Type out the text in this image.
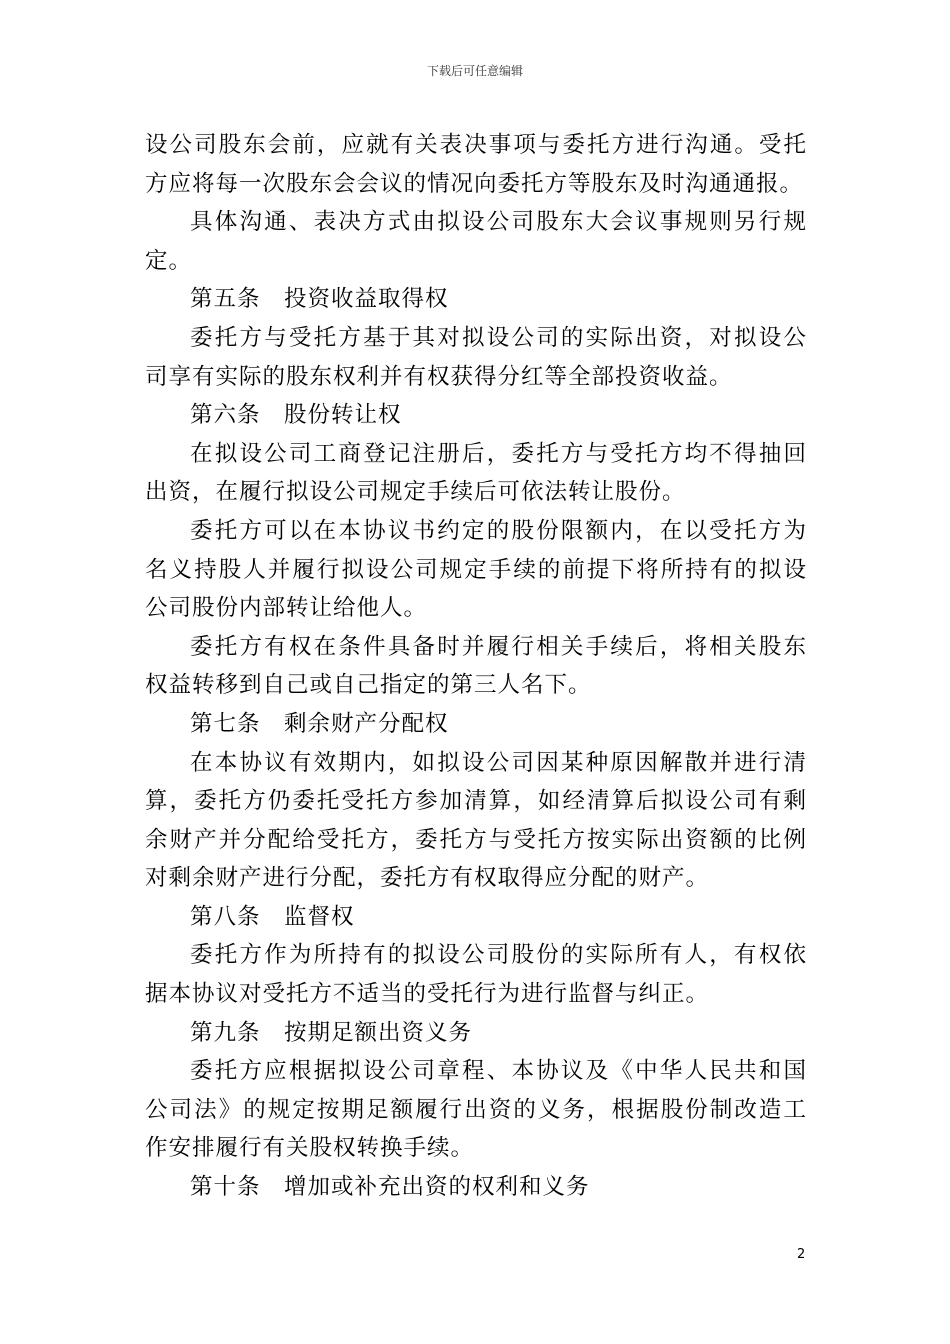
下载后可任意编辑
设公司股东会前，应就有关表决事项与委托方进行沟通。受托
方应将每一次股东会会议的情况向委托方等股东及时沟通通报。
具体沟通、表决方式由拟设公司股东大会议事规则另行规
定。
第五条　投资收益取得权
委托方与受托方基于其对拟设公司的实际出资，对拟设公
司享有实际的股东权利并有权获得分红等全部投资收益。
第六条　股份转让权
在拟设公司工商登记注册后，委托方与受托方均不得抽回
出资，在履行拟设公司规定手续后可依法转让股份。
委托方可以在本协议书约定的股份限额内，在以受托方为
名义持股人并履行拟设公司规定手续的前提下将所持有的拟设
公司股份内部转让给他人。
委托方有权在条件具备时并履行相关手续后，将相关股东
权益转移到自己或自己指定的第三人名下。
第七条　剩余财产分配权
在本协议有效期内，如拟设公司因某种原因解散并进行清
算，委托方仍委托受托方参加清算，如经清算后拟设公司有剩
余财产并分配给受托方，委托方与受托方按实际出资额的比例
对剩余财产进行分配，委托方有权取得应分配的财产。
第八条　监督权
委托方作为所持有的拟设公司股份的实际所有人，有权依
据本协议对受托方不适当的受托行为进行监督与纠正。
第九条　按期足额出资义务
委托方应根据拟设公司章程、本协议及《中华人民共和国
公司法》的规定按期足额履行出资的义务，根据股份制改造工
作安排履行有关股权转换手续。
第十条　增加或补充出资的权利和义务
2
